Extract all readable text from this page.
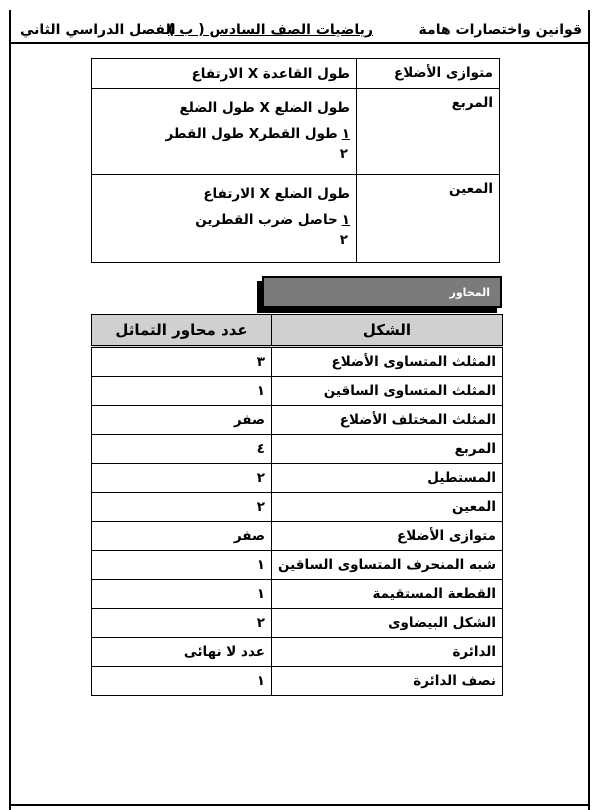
قوانين واختصارات هامة
رياضيات الصف السادس ( ب )
الفصل الدراسي الثاني
متوازى الأضلاع	طول القاعدة X الارتفاع

المربع	طول الضلع X طول الضلع
١طول القطرX طول القطر
٢

المعين	طول الضلع X الارتفاع
١حاصل ضرب القطرين
٢
المحاور
الشكل	عدد محاور التماثل
المثلث المتساوى الأضلاع	٣
المثلث المتساوى الساقين	١
المثلث المختلف الأضلاع	صفر
المربع	٤
المستطيل	٢
المعين	٢
متوازى الأضلاع	صفر
شبه المنحرف المتساوى الساقين	١
القطعة المستقيمة	١
الشكل البيضاوى	٢
الدائرة	عدد لا نهائى
نصف الدائرة	١
